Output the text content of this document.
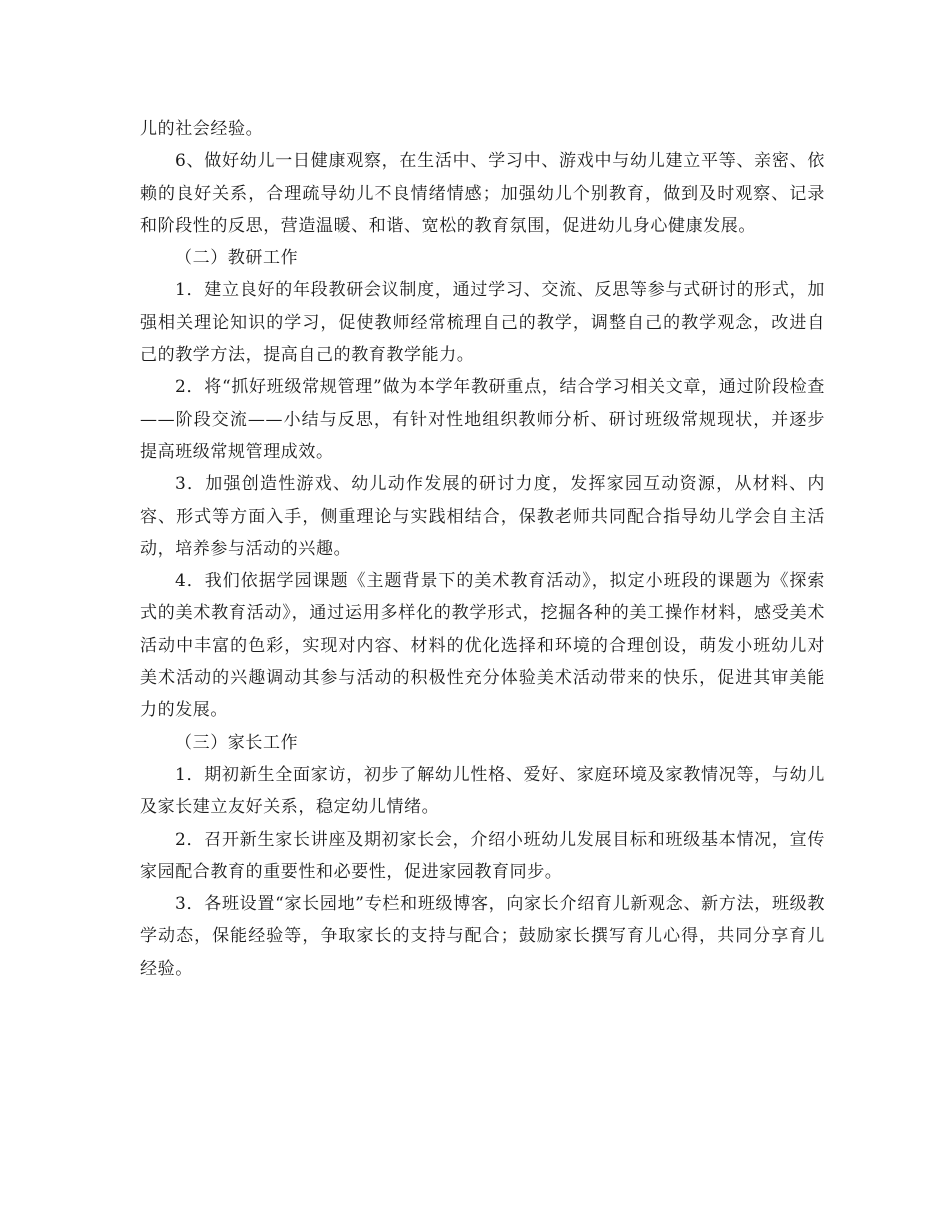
儿的社会经验。

6、做好幼儿一日健康观察，在生活中、学习中、游戏中与幼儿建立平等、亲密、依赖的良好关系，合理疏导幼儿不良情绪情感；加强幼儿个别教育，做到及时观察、记录和阶段性的反思，营造温暖、和谐、宽松的教育氛围，促进幼儿身心健康发展。

（二）教研工作

1．建立良好的年段教研会议制度，通过学习、交流、反思等参与式研讨的形式，加强相关理论知识的学习，促使教师经常梳理自己的教学，调整自己的教学观念，改进自己的教学方法，提高自己的教育教学能力。

2．将“抓好班级常规管理”做为本学年教研重点，结合学习相关文章，通过阶段检查——阶段交流——小结与反思，有针对性地组织教师分析、研讨班级常规现状，并逐步提高班级常规管理成效。

3．加强创造性游戏、幼儿动作发展的研讨力度，发挥家园互动资源，从材料、内容、形式等方面入手，侧重理论与实践相结合，保教老师共同配合指导幼儿学会自主活动，培养参与活动的兴趣。

4．我们依据学园课题《主题背景下的美术教育活动》，拟定小班段的课题为《探索式的美术教育活动》，通过运用多样化的教学形式，挖掘各种的美工操作材料，感受美术活动中丰富的色彩，实现对内容、材料的优化选择和环境的合理创设，萌发小班幼儿对美术活动的兴趣调动其参与活动的积极性充分体验美术活动带来的快乐，促进其审美能力的发展。

（三）家长工作

1．期初新生全面家访，初步了解幼儿性格、爱好、家庭环境及家教情况等，与幼儿及家长建立友好关系，稳定幼儿情绪。

2．召开新生家长讲座及期初家长会，介绍小班幼儿发展目标和班级基本情况，宣传家园配合教育的重要性和必要性，促进家园教育同步。

3．各班设置“家长园地”专栏和班级博客，向家长介绍育儿新观念、新方法，班级教学动态，保能经验等，争取家长的支持与配合；鼓励家长撰写育儿心得，共同分享育儿经验。
